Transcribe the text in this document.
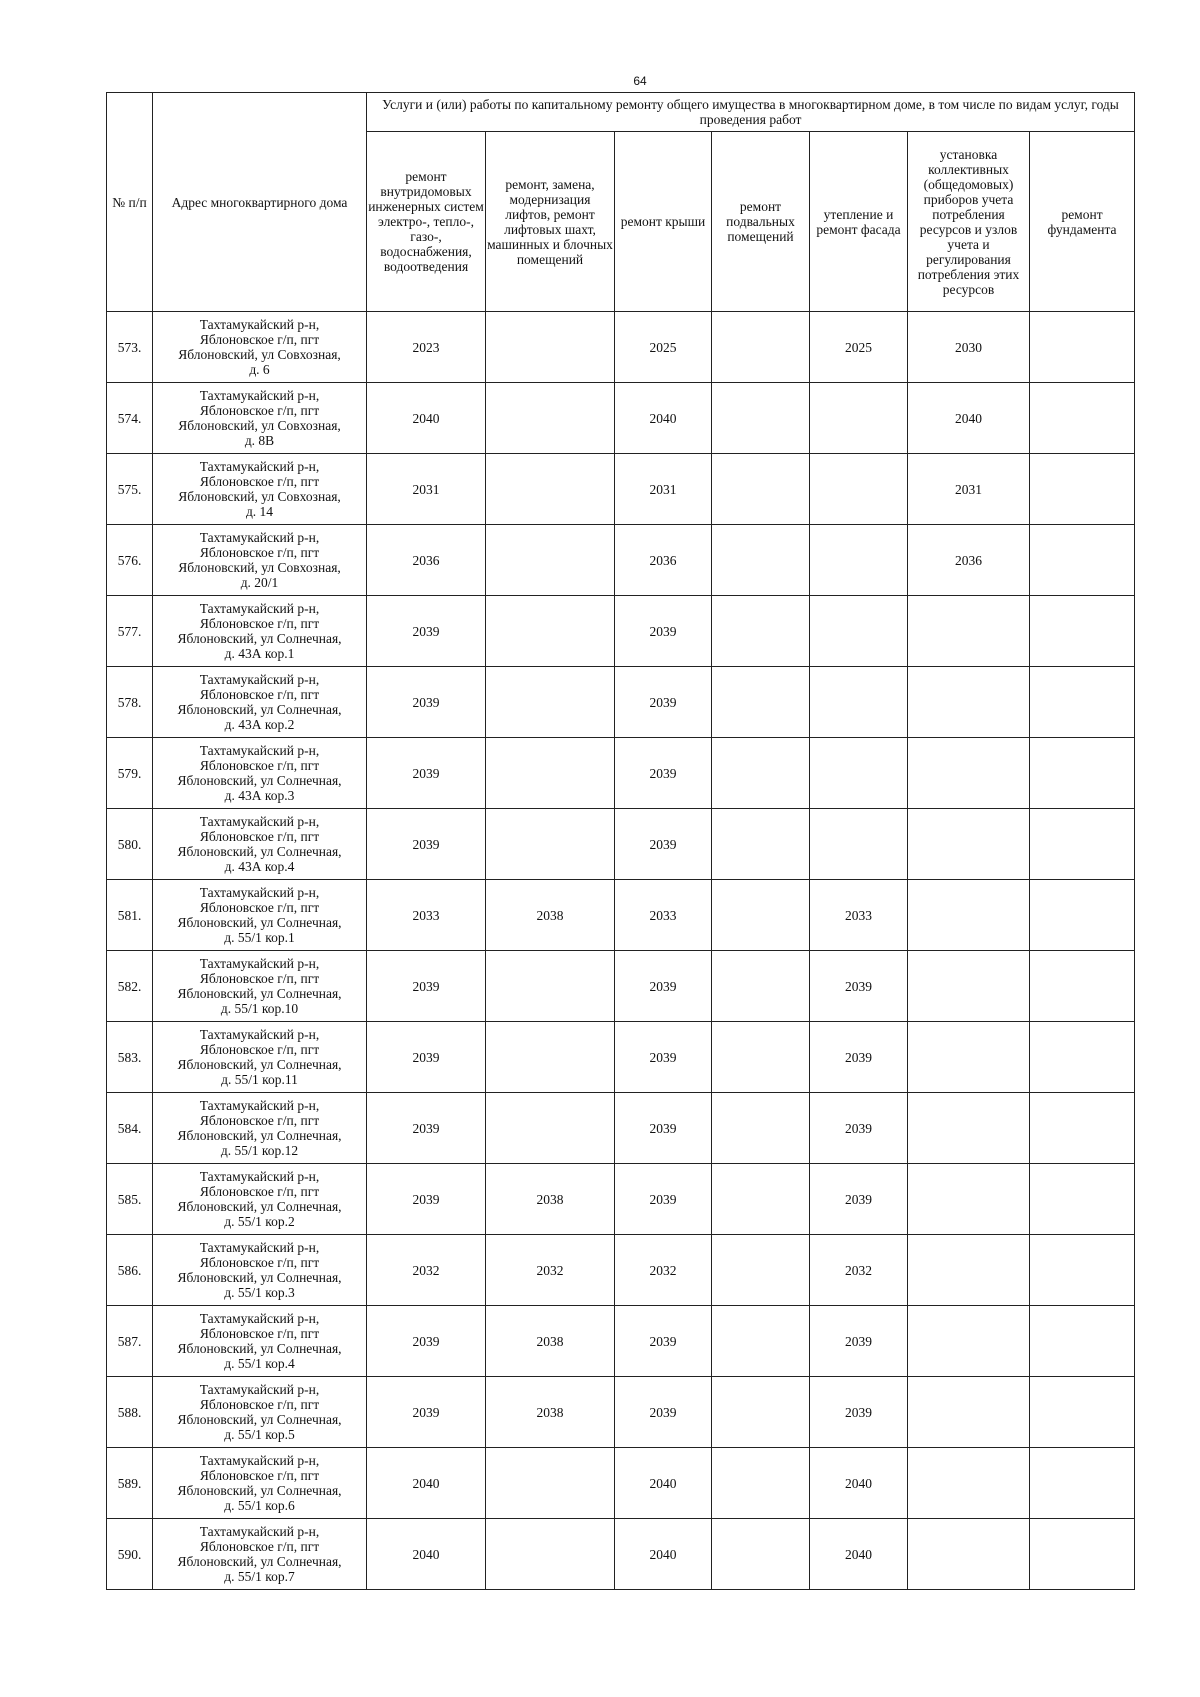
64
№ п/п	Адрес многоквартирного дома	Услуги и (или) работы по капитальному ремонту общего имущества в многоквартирном доме, в том числе по видам услуг, годы проведения работ						
		ремонт внутридомовых инженерных систем электро-, тепло-, газо-, водоснабжения, водоотведения	ремонт, замена, модернизация лифтов, ремонт лифтовых шахт, машинных и блочных помещений	ремонт крыши	ремонт подвальных помещений	утепление и ремонт фасада	установка коллективных (общедомовых) приборов учета потребления ресурсов и узлов учета и регулирования потребления этих ресурсов	ремонт фундамента
573.	Тахтамукайский р-н,
Яблоновское г/п, пгт
Яблоновский, ул Совхозная,
д. 6	2023		2025		2025	2030	
574.	Тахтамукайский р-н,
Яблоновское г/п, пгт
Яблоновский, ул Совхозная,
д. 8В	2040		2040			2040	
575.	Тахтамукайский р-н,
Яблоновское г/п, пгт
Яблоновский, ул Совхозная,
д. 14	2031		2031			2031	
576.	Тахтамукайский р-н,
Яблоновское г/п, пгт
Яблоновский, ул Совхозная,
д. 20/1	2036		2036			2036	
577.	Тахтамукайский р-н,
Яблоновское г/п, пгт
Яблоновский, ул Солнечная,
д. 43А кор.1	2039		2039				
578.	Тахтамукайский р-н,
Яблоновское г/п, пгт
Яблоновский, ул Солнечная,
д. 43А кор.2	2039		2039				
579.	Тахтамукайский р-н,
Яблоновское г/п, пгт
Яблоновский, ул Солнечная,
д. 43А кор.3	2039		2039				
580.	Тахтамукайский р-н,
Яблоновское г/п, пгт
Яблоновский, ул Солнечная,
д. 43А кор.4	2039		2039				
581.	Тахтамукайский р-н,
Яблоновское г/п, пгт
Яблоновский, ул Солнечная,
д. 55/1 кор.1	2033	2038	2033		2033		
582.	Тахтамукайский р-н,
Яблоновское г/п, пгт
Яблоновский, ул Солнечная,
д. 55/1 кор.10	2039		2039		2039		
583.	Тахтамукайский р-н,
Яблоновское г/п, пгт
Яблоновский, ул Солнечная,
д. 55/1 кор.11	2039		2039		2039		
584.	Тахтамукайский р-н,
Яблоновское г/п, пгт
Яблоновский, ул Солнечная,
д. 55/1 кор.12	2039		2039		2039		
585.	Тахтамукайский р-н,
Яблоновское г/п, пгт
Яблоновский, ул Солнечная,
д. 55/1 кор.2	2039	2038	2039		2039		
586.	Тахтамукайский р-н,
Яблоновское г/п, пгт
Яблоновский, ул Солнечная,
д. 55/1 кор.3	2032	2032	2032		2032		
587.	Тахтамукайский р-н,
Яблоновское г/п, пгт
Яблоновский, ул Солнечная,
д. 55/1 кор.4	2039	2038	2039		2039		
588.	Тахтамукайский р-н,
Яблоновское г/п, пгт
Яблоновский, ул Солнечная,
д. 55/1 кор.5	2039	2038	2039		2039		
589.	Тахтамукайский р-н,
Яблоновское г/п, пгт
Яблоновский, ул Солнечная,
д. 55/1 кор.6	2040		2040		2040		
590.	Тахтамукайский р-н,
Яблоновское г/п, пгт
Яблоновский, ул Солнечная,
д. 55/1 кор.7	2040		2040		2040		
